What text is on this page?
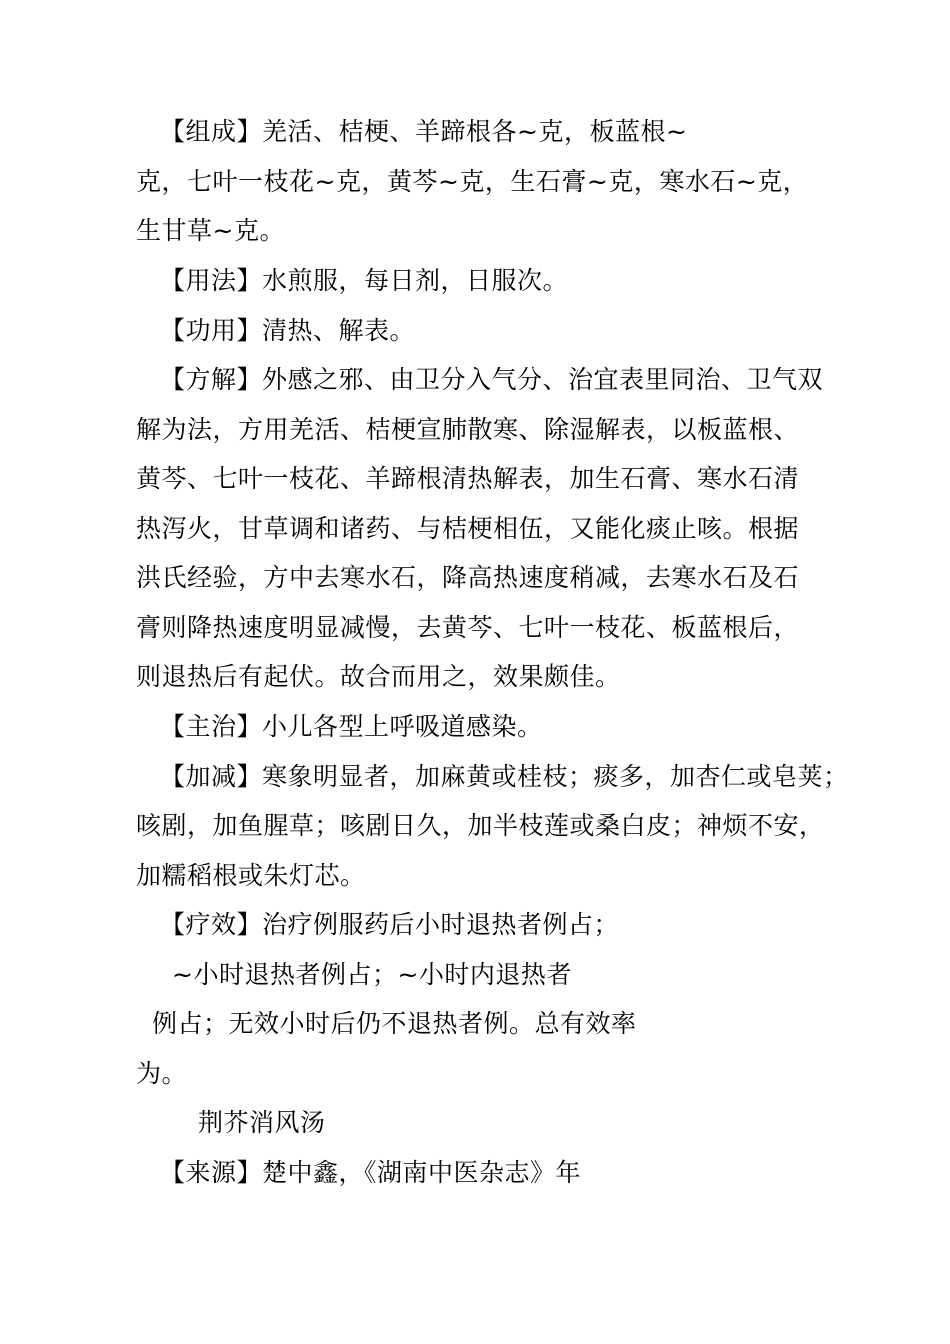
【组成】羌活、桔梗、羊蹄根各~克，板蓝根~
克，七叶一枝花~克，黄芩~克，生石膏~克，寒水石~克，
生甘草~克。
【用法】水煎服，每日剂，日服次。
【功用】清热、解表。
【方解】外感之邪、由卫分入气分、治宜表里同治、卫气双
解为法，方用羌活、桔梗宣肺散寒、除湿解表，以板蓝根、
黄芩、七叶一枝花、羊蹄根清热解表，加生石膏、寒水石清
热泻火，甘草调和诸药、与桔梗相伍，又能化痰止咳。根据
洪氏经验，方中去寒水石，降高热速度稍减，去寒水石及石
膏则降热速度明显减慢，去黄芩、七叶一枝花、板蓝根后，
则退热后有起伏。故合而用之，效果颇佳。
【主治】小儿各型上呼吸道感染。
【加减】寒象明显者，加麻黄或桂枝；痰多，加杏仁或皂荚；
咳剧，加鱼腥草；咳剧日久，加半枝莲或桑白皮；神烦不安，
加糯稻根或朱灯芯。
【疗效】治疗例服药后小时退热者例占；
~小时退热者例占；~小时内退热者
例占；无效小时后仍不退热者例。总有效率
为。
荆芥消风汤
【来源】楚中鑫，《湖南中医杂志》年
